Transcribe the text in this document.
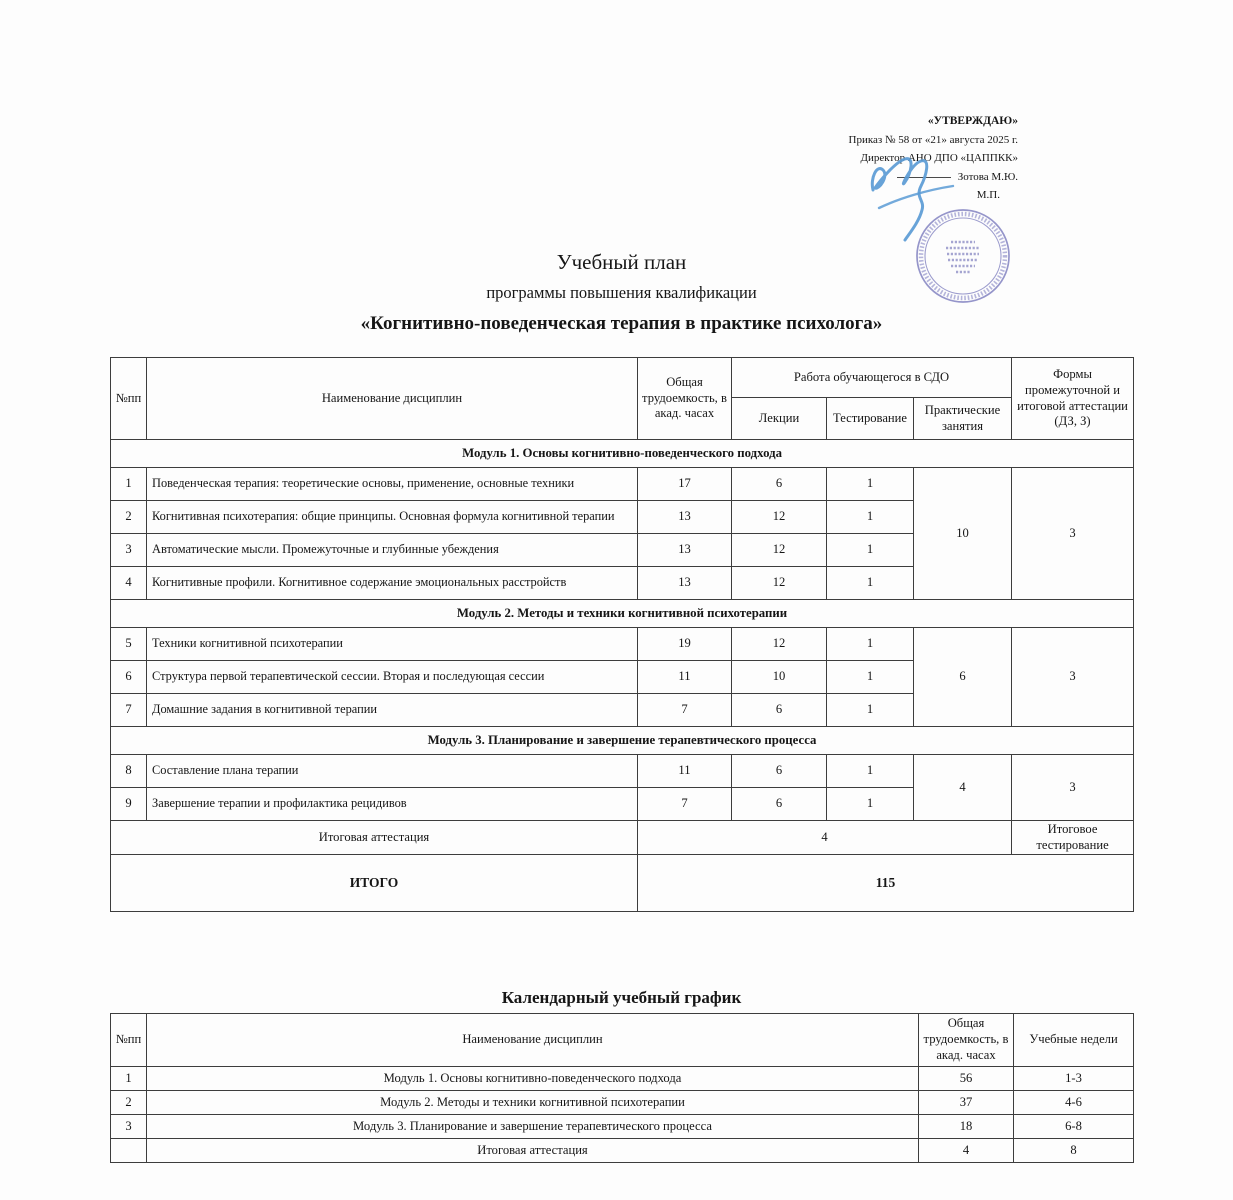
«УТВЕРЖДАЮ»
Приказ № 58 от «21» августа 2025 г.
Директор АНО ДПО «ЦАППКК»
Зотова М.Ю.
М.П.
Учебный план
программы повышения квалификации
«Когнитивно-поведенческая терапия в практике психолога»
№пп	Наименование дисциплин	Общая трудоемкость, в акад. часах	Работа обучающегося в СДО			Формы промежуточной и итоговой аттестации (ДЗ, З)
			Лекции	Тестирование	Практические занятия	
Модуль 1. Основы когнитивно-поведенческого подхода						
1	Поведенческая терапия: теоретические основы, применение, основные техники	17	6	1	10	3
2	Когнитивная психотерапия: общие принципы. Основная формула когнитивной терапии	13	12	1		
3	Автоматические мысли. Промежуточные и глубинные убеждения	13	12	1		
4	Когнитивные профили. Когнитивное содержание эмоциональных расстройств	13	12	1		
Модуль 2. Методы и техники когнитивной психотерапии						
5	Техники когнитивной психотерапии	19	12	1	6	3
6	Структура первой терапевтической сессии. Вторая и последующая сессии	11	10	1		
7	Домашние задания в когнитивной терапии	7	6	1		
Модуль 3. Планирование и завершение терапевтического процесса						
8	Составление плана терапии	11	6	1	4	3
9	Завершение терапии и профилактика рецидивов	7	6	1		
Итоговая аттестация		4				Итоговое тестирование
ИТОГО		115				
Календарный учебный график
№пп	Наименование дисциплин	Общая трудоемкость, в акад. часах	Учебные недели
1	Модуль 1. Основы когнитивно-поведенческого подхода	56	1-3
2	Модуль 2. Методы и техники когнитивной психотерапии	37	4-6
3	Модуль 3. Планирование и завершение терапевтического процесса	18	6-8
	Итоговая аттестация	4	8
